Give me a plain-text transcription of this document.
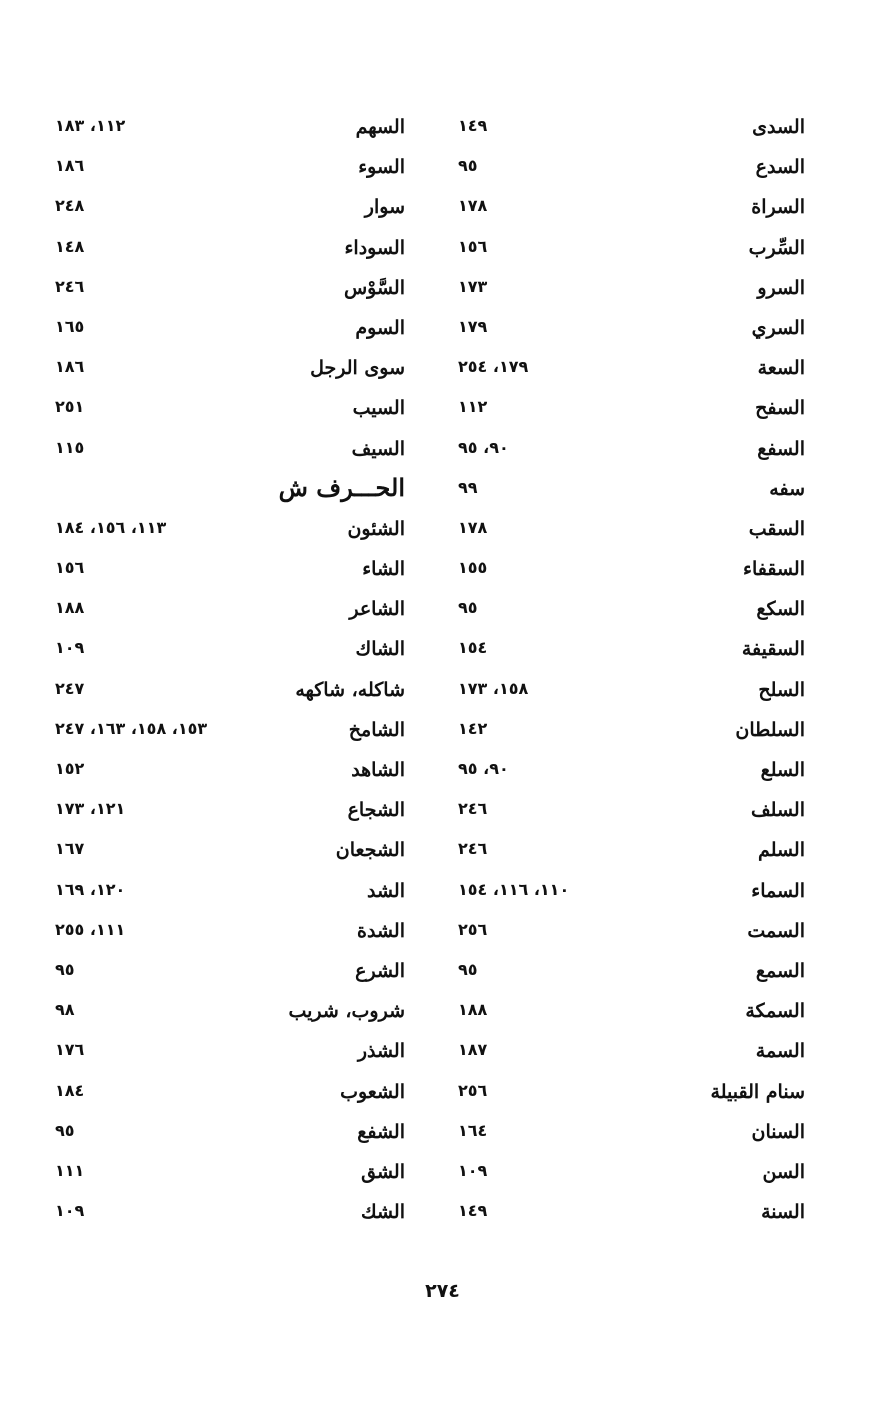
السدى
١٤٩
السدع
٩٥
السراة
١٧٨
السِّرب
١٥٦
السرو
١٧٣
السري
١٧٩
السعة
١٧٩، ٢٥٤
السفح
١١٢
السفع
٩٠، ٩٥
سفه
٩٩
السقب
١٧٨
السقفاء
١٥٥
السكع
٩٥
السقيفة
١٥٤
السلح
١٥٨، ١٧٣
السلطان
١٤٢
السلع
٩٠، ٩٥
السلف
٢٤٦
السلم
٢٤٦
السماء
١١٠، ١١٦، ١٥٤
السمت
٢٥٦
السمع
٩٥
السمكة
١٨٨
السمة
١٨٧
سنام القبيلة
٢٥٦
السنان
١٦٤
السن
١٠٩
السنة
١٤٩
السهم
١١٢، ١٨٣
السوء
١٨٦
سوار
٢٤٨
السوداء
١٤٨
السَّوْس
٢٤٦
السوم
١٦٥
سوى الرجل
١٨٦
السيب
٢٥١
السيف
١١٥
الحـــرف ش
الشئون
١١٣، ١٥٦، ١٨٤
الشاء
١٥٦
الشاعر
١٨٨
الشاك
١٠٩
شاكله، شاكهه
٢٤٧
الشامخ
١٥٣، ١٥٨، ١٦٣، ٢٤٧
الشاهد
١٥٢
الشجاع
١٢١، ١٧٣
الشجعان
١٦٧
الشد
١٢٠، ١٦٩
الشدة
١١١، ٢٥٥
الشرع
٩٥
شروب، شريب
٩٨
الشذر
١٧٦
الشعوب
١٨٤
الشفع
٩٥
الشق
١١١
الشك
١٠٩
٢٧٤
